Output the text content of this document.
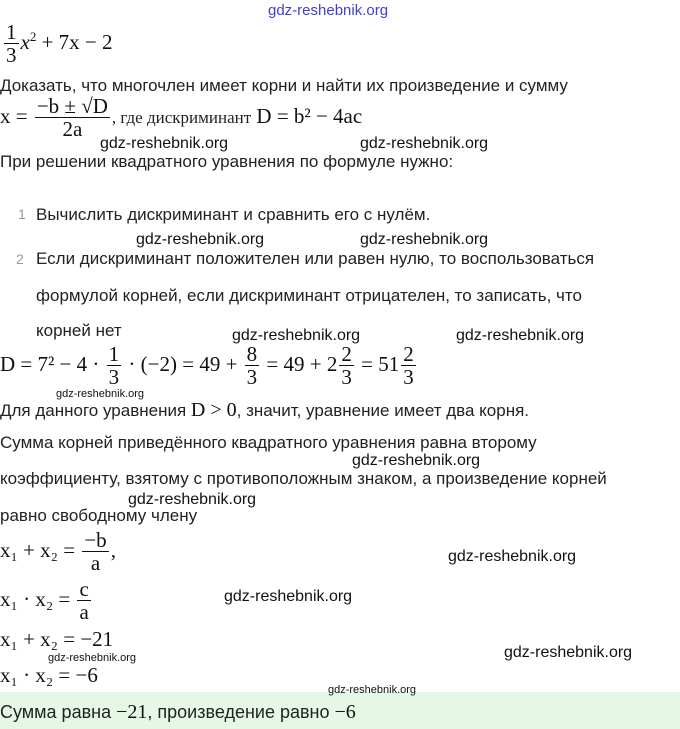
gdz-reshebnik.org
$\frac{1}{3} x^2 + 7x - 2$
Доказать, что многочлен имеет корни и найти их произведение и сумму
$x = \frac{-b \pm √D}{2a}$ , где дискриминант D = b² − 4ac
gdz-reshebnik.org	gdz-reshebnik.org
При решении квадратного уравнения по формуле нужно:
1 Вычислить дискриминант и сравнить его с нулём.
gdz-reshebnik.org	gdz-reshebnik.org
2 Если дискриминант положителен или равен нулю, то воспользоваться
формулой корней, если дискриминант отрицателен, то записать, что
корней нет	gdz-reshebnik.org	gdz-reshebnik.org
$D = 7^2 - 4 \cdot \frac{1}{3} \cdot (-2) = 49 + \frac{8}{3} = 49 + 2 \frac{2}{3} = 51 \frac{2}{3}$
gdz-reshebnik.org
Для данного уравнения D > 0, значит, уравнение имеет два корня.
Сумма корней приведённого квадратного уравнения равна второму
gdz-reshebnik.org
коэффициенту, взятому с противоположным знаком, а произведение корней
gdz-reshebnik.org
равно свободному члену
$x_1 + x_2 = \frac{-b}{a}$ ,	gdz-reshebnik.org
$x_1 \cdot x_2 = \frac{c}{a}$	gdz-reshebnik.org
x₁ + x₂ = −21
gdz-reshebnik.org	gdz-reshebnik.org
x₁ · x₂ = −6
gdz-reshebnik.org
Сумма равна −21, произведение равно −6
